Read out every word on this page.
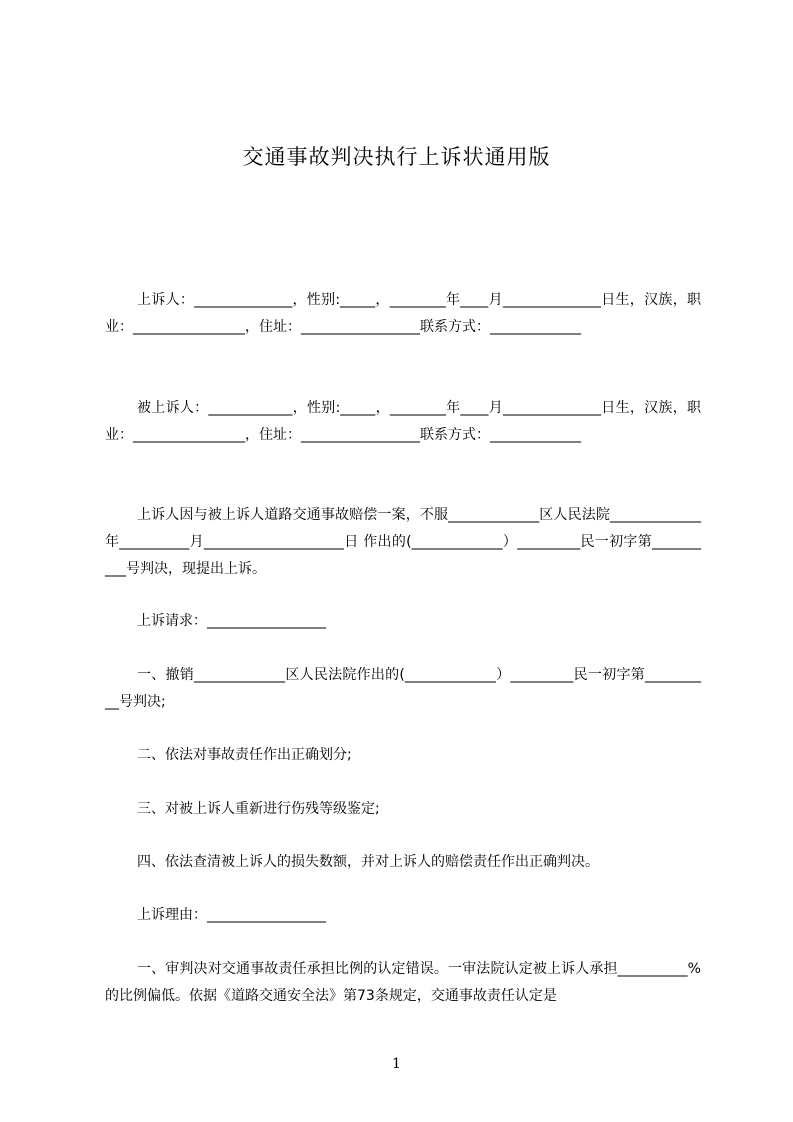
交通事故判决执行上诉状通用版

上诉人：______________，性别:_____，________年____月______________日生，汉族，职业：________________，住址：_________________联系方式：_____________

被上诉人：____________，性别:_____，________年____月______________日生，汉族，职业：________________，住址：_________________联系方式：_____________

上诉人因与被上诉人道路交通事故赔偿一案，不服_____________区人民法院_____________年__________月____________________日 作出的(_____________）_________民一初字第__________号判决，现提出上诉。

上诉请求：_________________

一、撤销_____________区人民法院作出的(_____________）_________民一初字第__________号判决;

二、依法对事故责任作出正确划分;

三、对被上诉人重新进行伤残等级鉴定;

四、依法查清被上诉人的损失数额，并对上诉人的赔偿责任作出正确判决。

上诉理由：_________________

一、审判决对交通事故责任承担比例的认定错误。一审法院认定被上诉人承担__________%的比例偏低。依据《道路交通安全法》第73条规定，交通事故责任认定是

1
